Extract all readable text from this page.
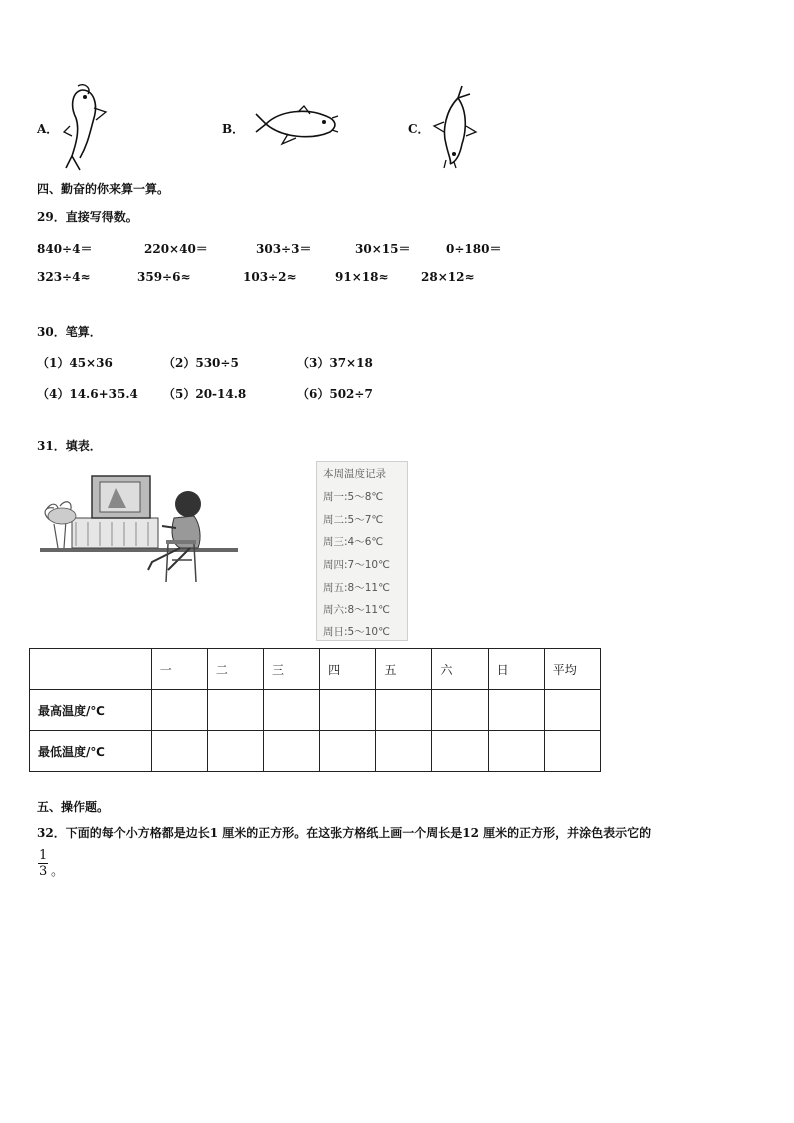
A．	B．	C．
四、勤奋的你来算一算。
29．直接写得数。
840÷4＝	220×40＝	303÷3＝	30×15＝	0÷180＝
323÷4≈	359÷6≈	103÷2≈	91×18≈	28×12≈
30．笔算．
（1）45×36	（2）530÷5	（3）37×18
（4）14.6+35.4 （5）20-14.8	（6）502÷7
31．填表．
本周温度记录
周一:5～8℃
周二:5～7℃
周三:4～6℃
周四:7～10℃
周五:8～11℃
周六:8～11℃
周日:5～10℃
	一	二	三	四	五	六	日	平均
最高温度/℃								
最低温度/℃								
五、操作题。
32．下面的每个小方格都是边长1 厘米的正方形。在这张方格纸上画一个周长是12 厘米的正方形，并涂色表示它的
$\frac{1}{3}$ 。
